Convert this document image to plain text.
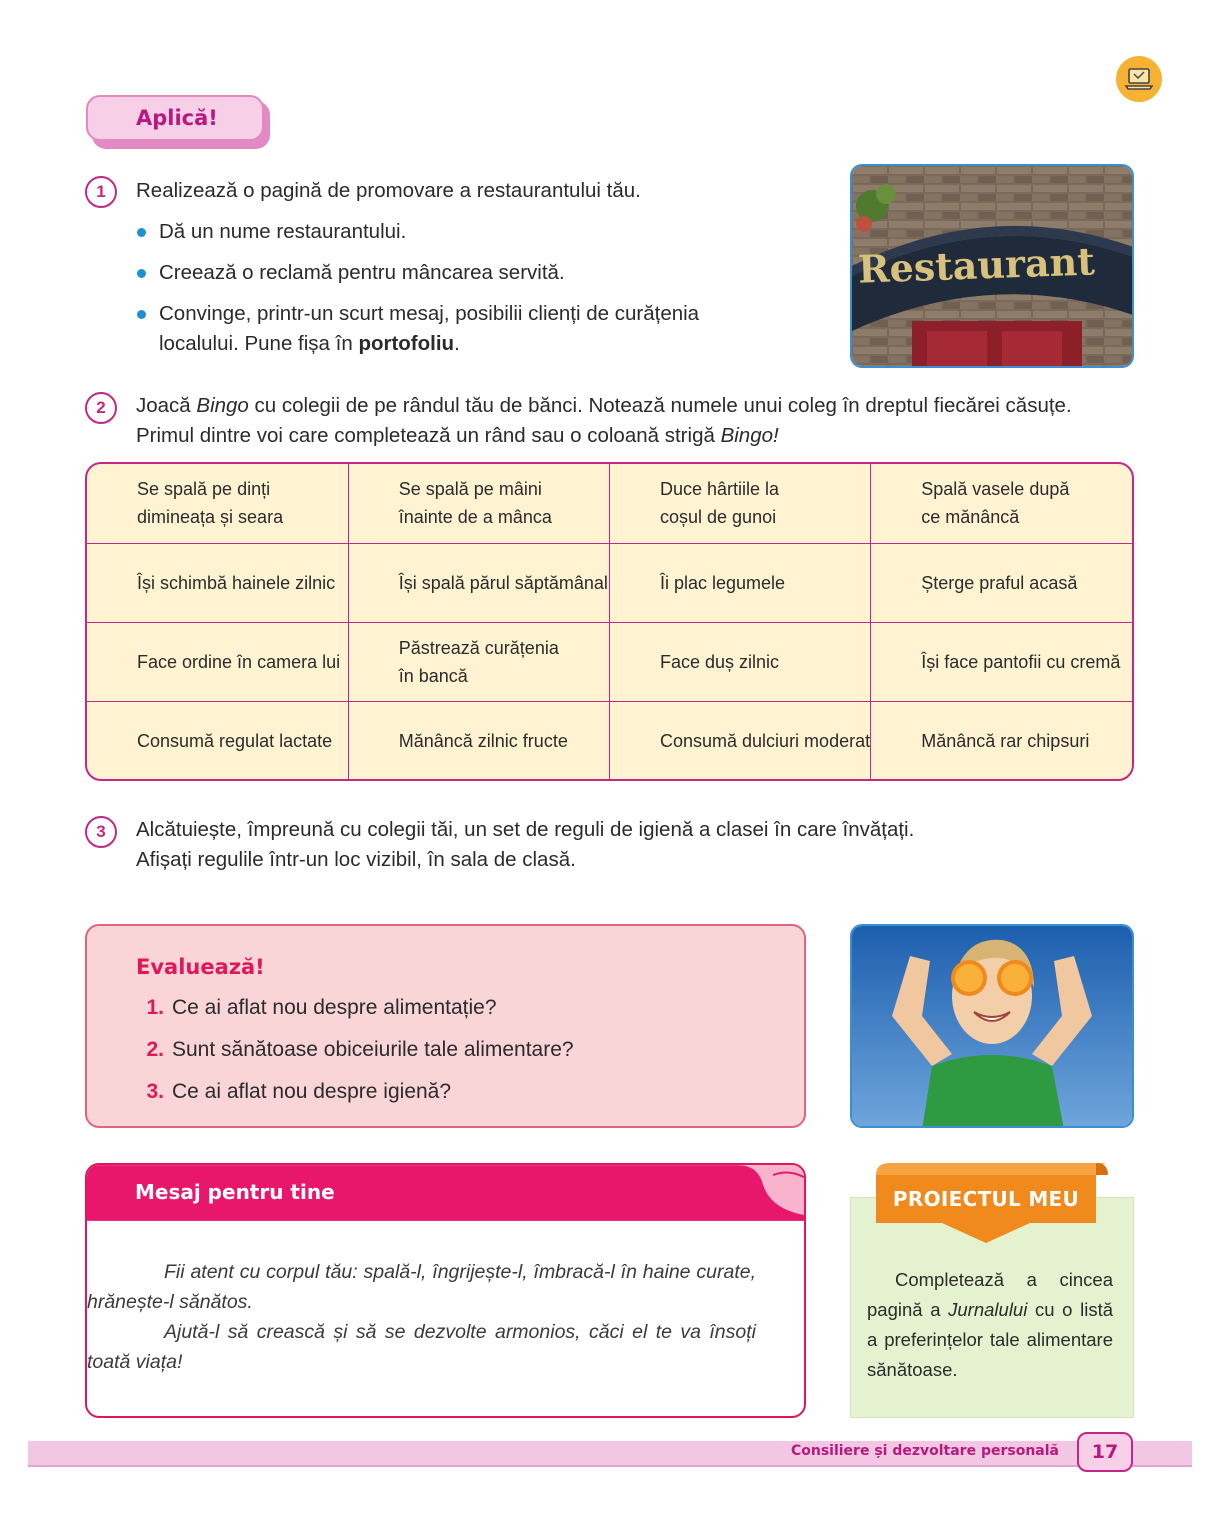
Aplică!
1	Realizează o pagină de promovare a restaurantului tău.
Dă un nume restaurantului.
Creează o reclamă pentru mâncarea servită.
Convinge, printr-un scurt mesaj, posibilii clienți de curățenia
localului. Pune fișa în portofoliu.
Restaurant
2	Joacă Bingo cu colegii de pe rândul tău de bănci. Notează numele unui coleg în dreptul fiecărei căsuțe.
Primul dintre voi care completează un rând sau o coloană strigă Bingo!
Se spală pe dinți dimineața și seara	Se spală pe mâini înainte de a mânca	Duce hârtiile la coșul de gunoi	Spală vasele după ce mănâncă

Își schimbă hainele zilnic	Își spală părul săptămânal	Îi plac legumele	Șterge praful acasă
Face ordine în camera lui	Păstrează curățenia în bancă	Face duș zilnic	Își face pantofii cu cremă
Consumă regulat lactate	Mănâncă zilnic fructe	Consumă dulciuri moderat	Mănâncă rar chipsuri
3	Alcătuiește, împreună cu colegii tăi, un set de reguli de igienă a clasei în care învățați.
Afișați regulile într-un loc vizibil, în sala de clasă.
Evaluează!
1. Ce ai aflat nou despre alimentație?
2. Sunt sănătoase obiceiurile tale alimentare?
3. Ce ai aflat nou despre igienă?
Mesaj pentru tine

Fii atent cu corpul tău: spală-l, îngrijește-l, îmbracă-l în haine curate, hrănește-l sănătos.

Ajută-l să crească și să se dezvolte armonios, căci el te va însoți toată viața!

PROIECTUL MEU
Completează a cincea pagină a Jurnalului cu o listă a preferințelor tale alimentare sănătoase.
Consiliere și dezvoltare personală	17
